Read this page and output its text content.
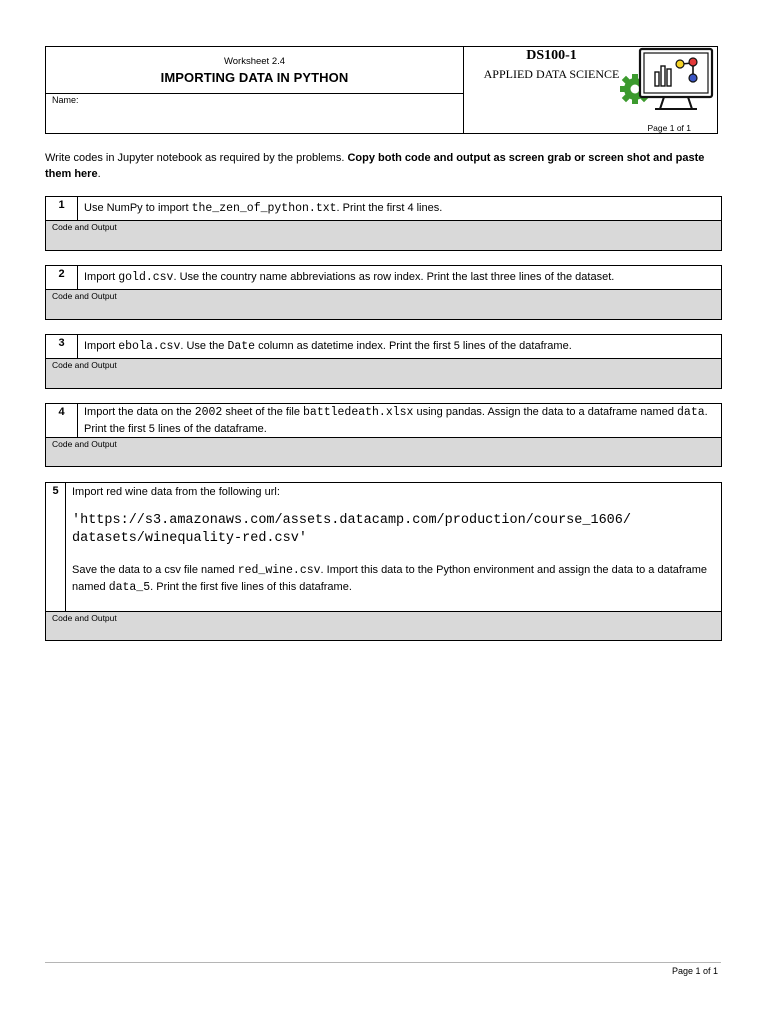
Worksheet 2.4
IMPORTING DATA IN PYTHON
Name:
DS100-1
APPLIED DATA SCIENCE
Page 1 of 1
Write codes in Jupyter notebook as required by the problems. Copy both code and output as screen grab or screen shot and paste them here.
1	Use NumPy to import the_zen_of_python.txt. Print the first 4 lines.
Code and Output
2	Import gold.csv. Use the country name abbreviations as row index. Print the last three lines of the dataset.
Code and Output
3	Import ebola.csv. Use the Date column as datetime index. Print the first 5 lines of the dataframe.
Code and Output
4	Import the data on the 2002 sheet of the file battledeath.xlsx using pandas. Assign the data to a dataframe named data. Print the first 5 lines of the dataframe.
Code and Output
5	Import red wine data from the following url:
'https://s3.amazonaws.com/assets.datacamp.com/production/course_1606/
datasets/winequality-red.csv'
Save the data to a csv file named red_wine.csv. Import this data to the Python environment and assign the data to a dataframe named data_5. Print the first five lines of this dataframe.
Code and Output
Page 1 of 1
